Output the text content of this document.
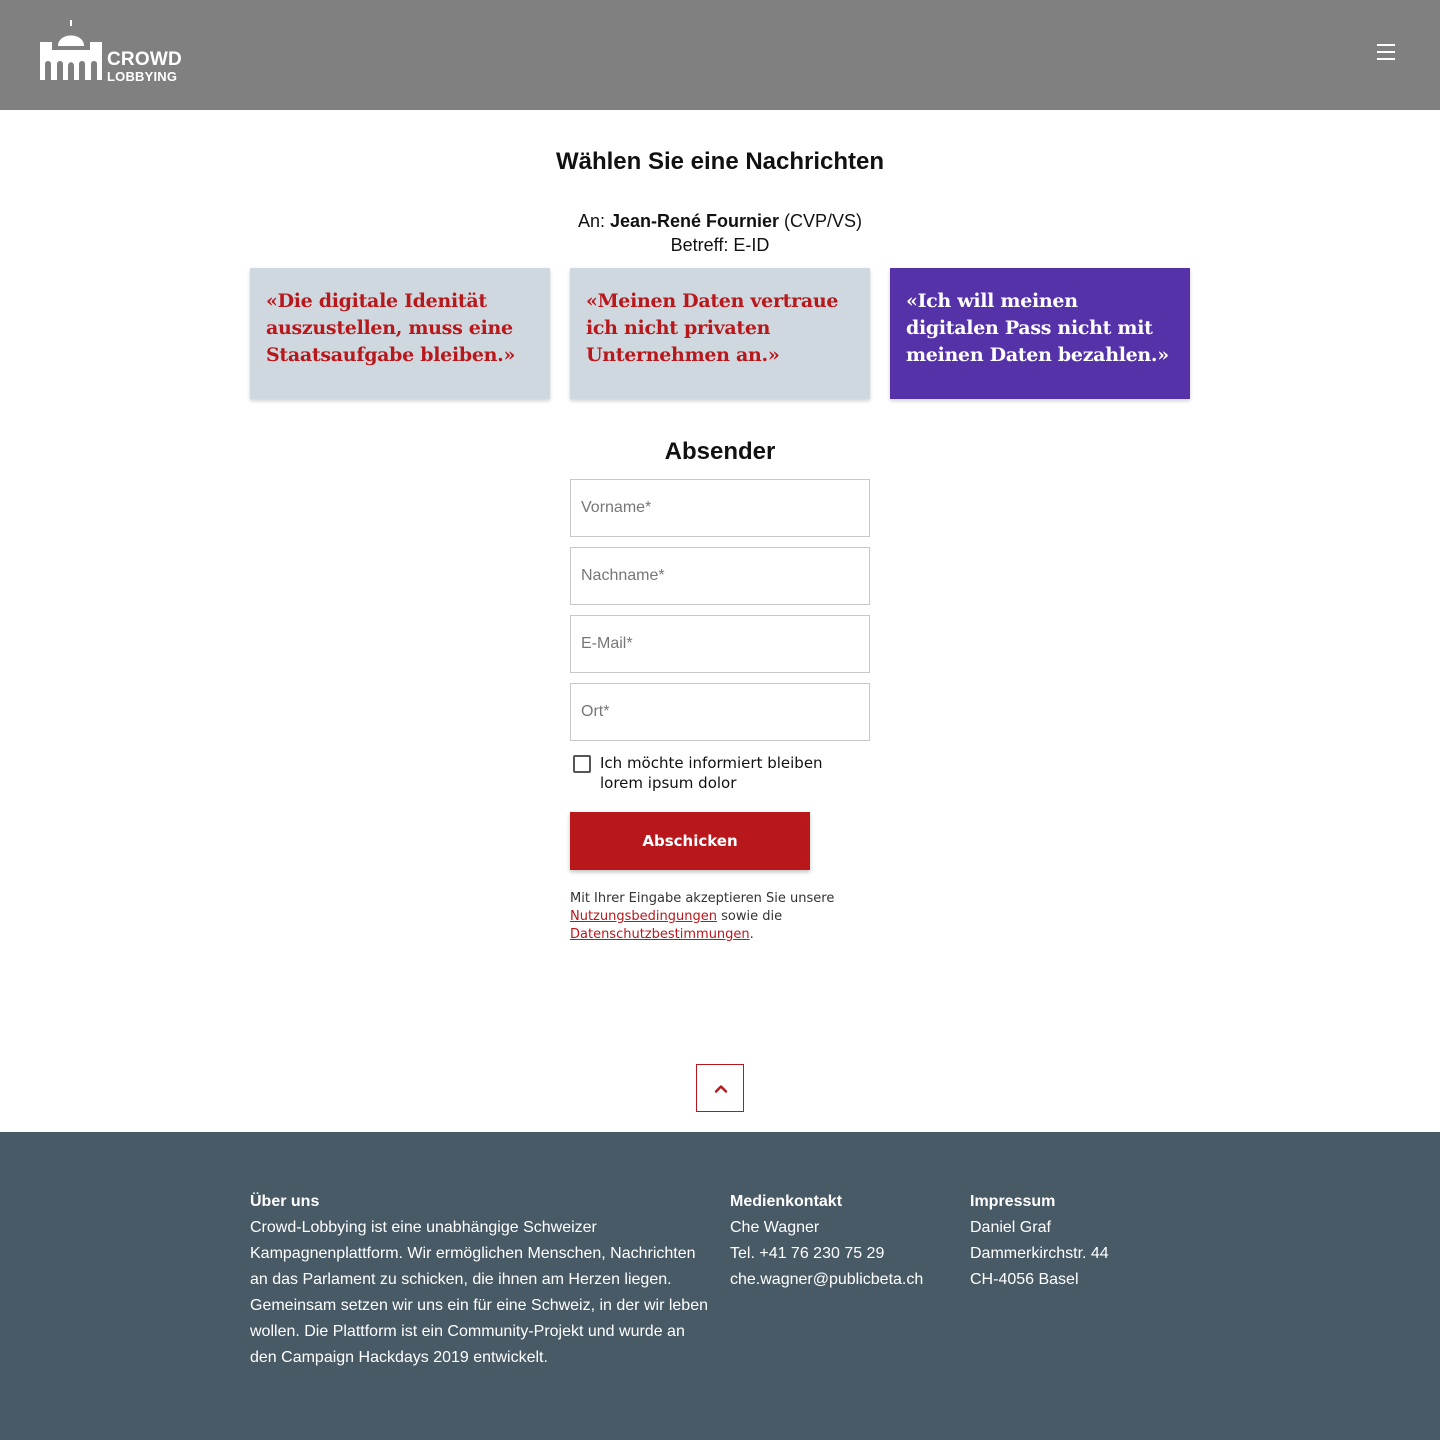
CROWD
LOBBYING
Wählen Sie eine Nachrichten
An: Jean-René Fournier (CVP/VS)
Betreff: E-ID
«Die digitale Idenität auszustellen, muss eine Staatsaufgabe bleiben.»
«Meinen Daten vertraue ich nicht privaten Unternehmen an.»
«Ich will meinen digitalen Pass nicht mit meinen Daten bezahlen.»
Absender
Vorname*
Nachname*
E-Mail*
Ort*
Ich möchte informiert bleiben lorem ipsum dolor
Abschicken
Mit Ihrer Eingabe akzeptieren Sie unsere Nutzungsbedingungen sowie die Datenschutzbestimmungen.
Über uns

Crowd-Lobbying ist eine unabhängige Schweizer Kampagnenplattform. Wir ermöglichen Menschen, Nachrichten an das Parlament zu schicken, die ihnen am Herzen liegen. Gemeinsam setzen wir uns ein für eine Schweiz, in der wir leben wollen. Die Plattform ist ein Community-Projekt und wurde an den Campaign Hackdays 2019 entwickelt.

Medienkontakt

Che Wagner

Tel. +41 76 230 75 29

che.wagner@publicbeta.ch

Impressum

Daniel Graf

Dammerkirchstr. 44

CH-4056 Basel
